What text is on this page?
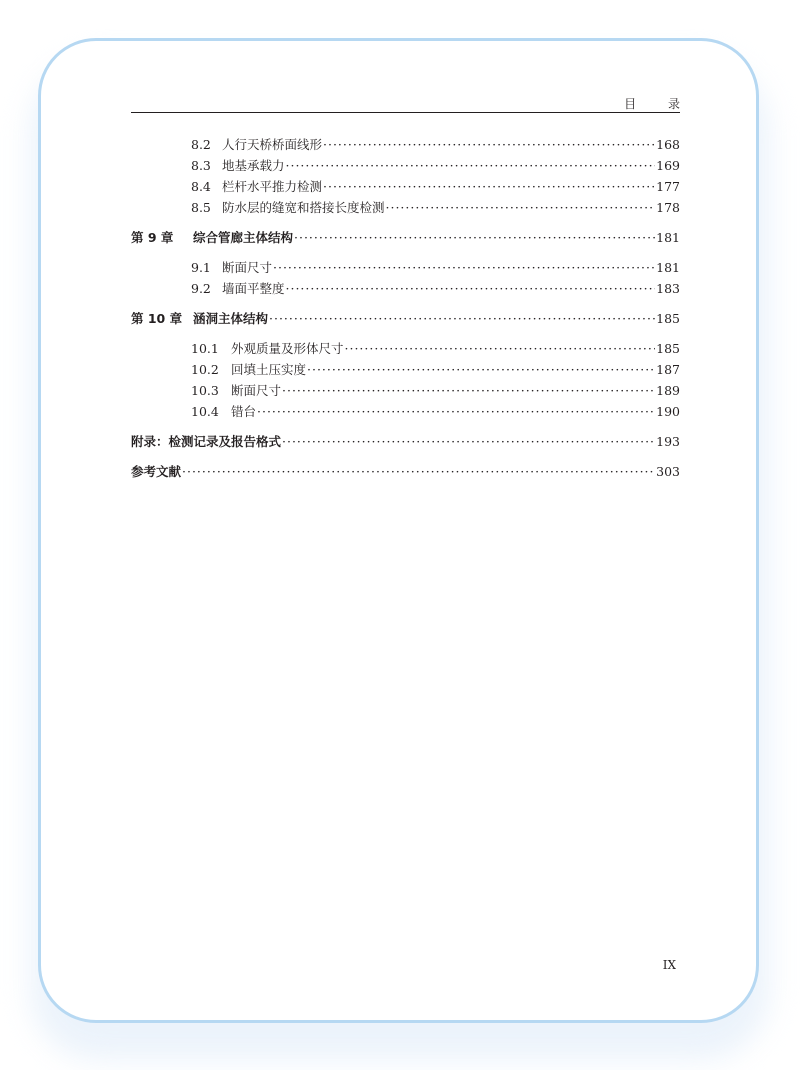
目 录
8.2 人行天桥桥面线形 ·····	168
8.3 地基承载力 ·····	169
8.4 栏杆水平推力检测 ·····	177
8.5 防水层的缝宽和搭接长度检测 ·····	178
第 9 章	综合管廊主体结构 ·····	181
9.1 断面尺寸 ·····	181
9.2 墙面平整度 ·····	183
第 10 章 涵洞主体结构 ·····	185
10.1 外观质量及形体尺寸 ·····	185
10.2 回填土压实度 ·····	187
10.3 断面尺寸 ·····	189
10.4 错台 ·····	190
附录：检测记录及报告格式 ·····	193
参考文献 ·····	303
IX
